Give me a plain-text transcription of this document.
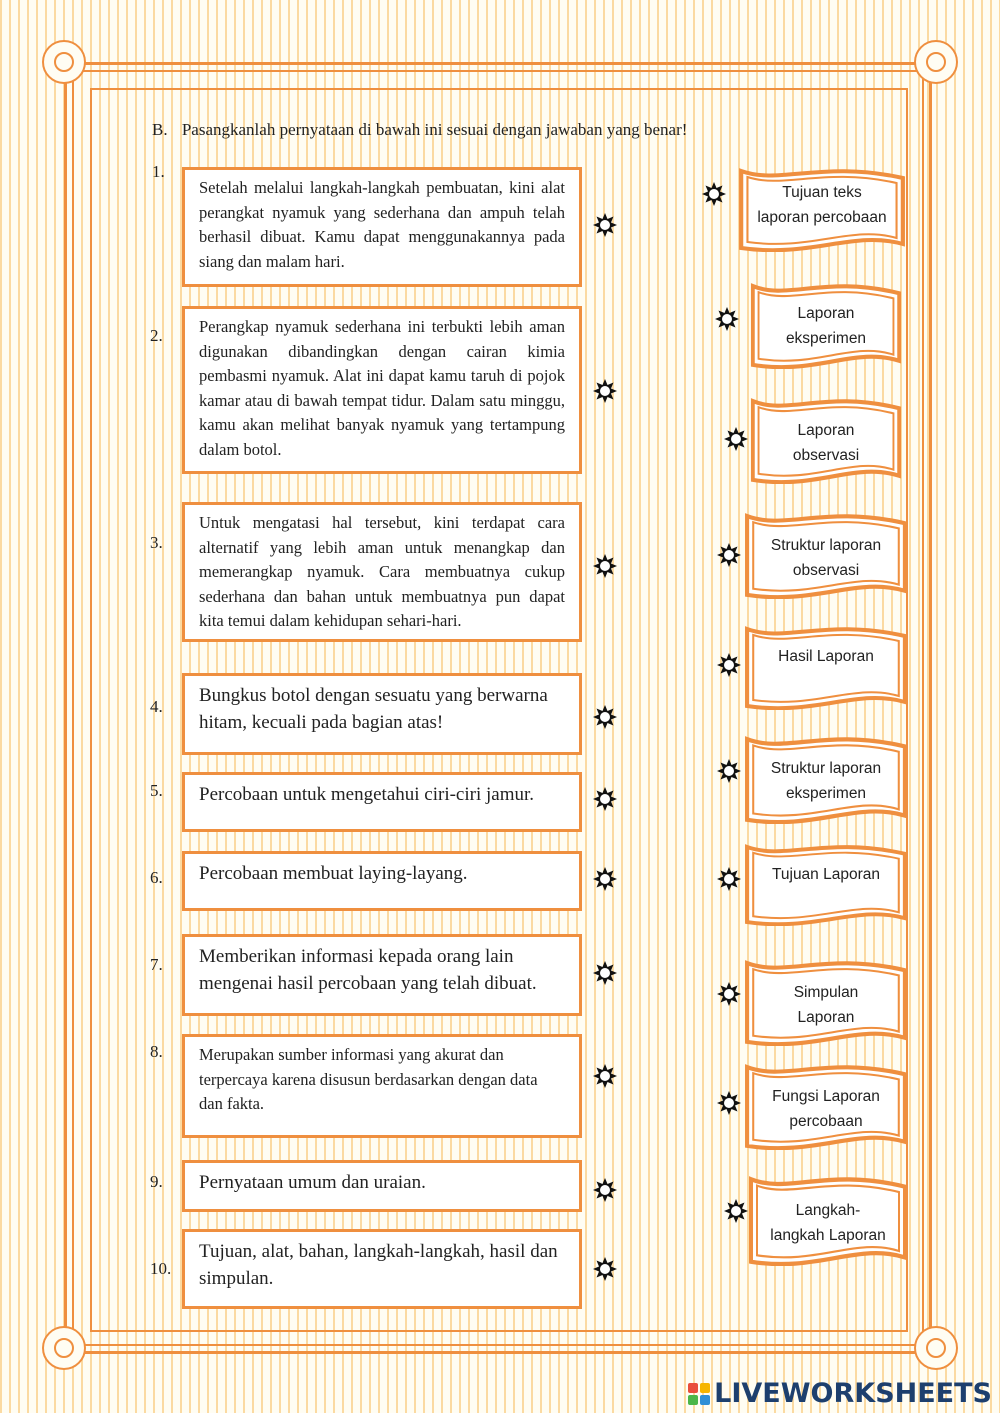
B. Pasangkanlah pernyataan di bawah ini sesuai dengan jawaban yang benar!
1.
2.
3.
4.
5.
6.
7.
8.
9.
10.
Setelah melalui langkah-langkah pembuatan, kini alat perangkat nyamuk yang sederhana dan ampuh telah berhasil dibuat. Kamu dapat menggunakannya pada siang dan malam hari.
Perangkap nyamuk sederhana ini terbukti lebih aman digunakan dibandingkan dengan cairan kimia pembasmi nyamuk. Alat ini dapat kamu taruh di pojok kamar atau di bawah tempat tidur. Dalam satu minggu, kamu akan melihat banyak nyamuk yang tertampung dalam botol.
Untuk mengatasi hal tersebut, kini terdapat cara alternatif yang lebih aman untuk menangkap dan memerangkap nyamuk. Cara membuatnya cukup sederhana dan bahan untuk membuatnya pun dapat kita temui dalam kehidupan sehari-hari.
Bungkus botol dengan sesuatu yang berwarna hitam, kecuali pada bagian atas!
Percobaan untuk mengetahui ciri-ciri jamur.
Percobaan membuat laying-layang.
Memberikan informasi kepada orang lain mengenai hasil percobaan yang telah dibuat.
Merupakan sumber informasi yang akurat dan terpercaya karena disusun berdasarkan dengan data dan fakta.
Pernyataan umum dan uraian.
Tujuan, alat, bahan, langkah-langkah, hasil dan simpulan.
Tujuan teks
laporan percobaan
Laporan
eksperimen
Laporan
observasi
Struktur laporan
observasi
Hasil Laporan
Struktur laporan
eksperimen
Tujuan Laporan
Simpulan
Laporan
Fungsi Laporan
percobaan
Langkah-
langkah Laporan
LIVEWORKSHEETS
